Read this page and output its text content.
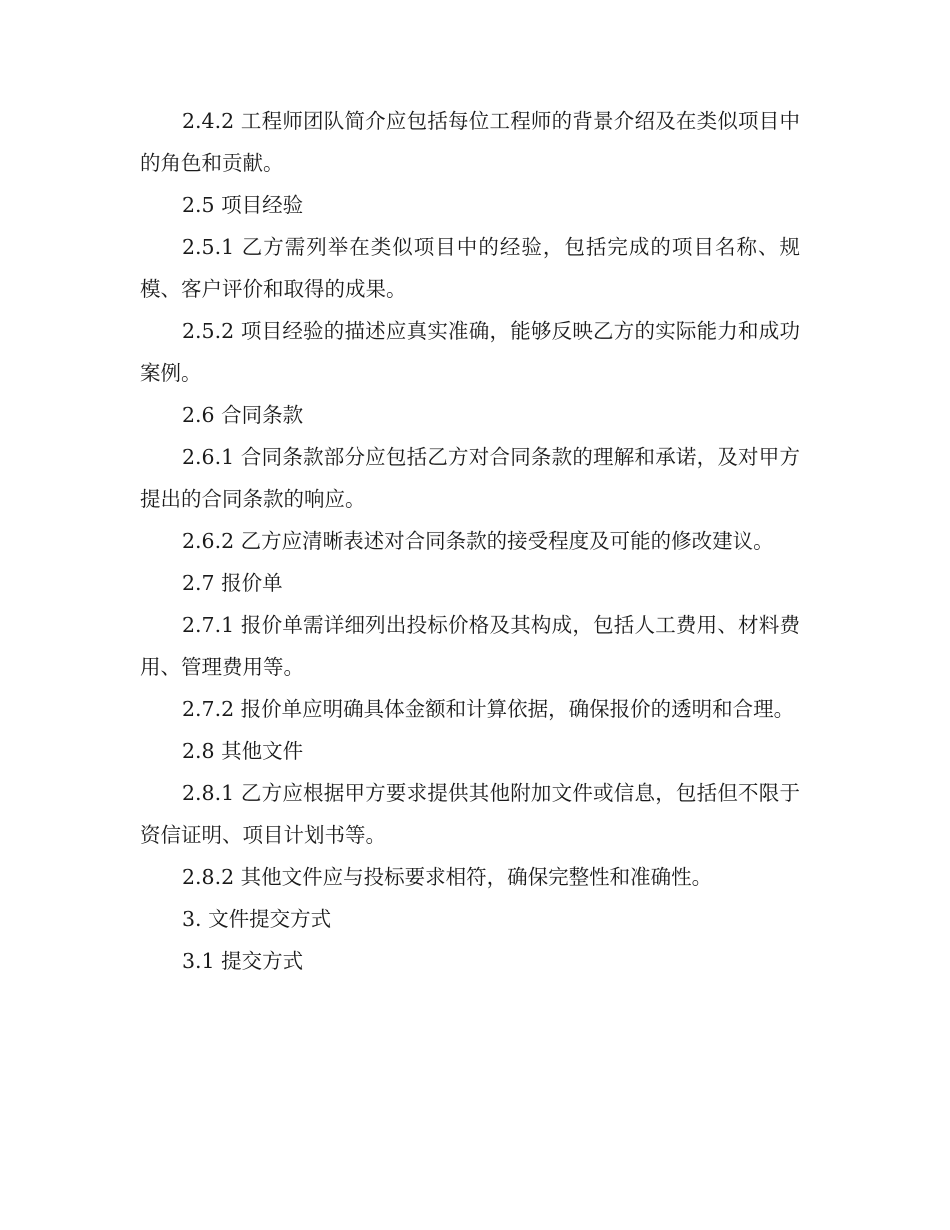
2.4.2 工程师团队简介应包括每位工程师的背景介绍及在类似项目中的角色和贡献。

2.5 项目经验

2.5.1 乙方需列举在类似项目中的经验，包括完成的项目名称、规模、客户评价和取得的成果。

2.5.2 项目经验的描述应真实准确，能够反映乙方的实际能力和成功案例。

2.6 合同条款

2.6.1 合同条款部分应包括乙方对合同条款的理解和承诺，及对甲方提出的合同条款的响应。

2.6.2 乙方应清晰表述对合同条款的接受程度及可能的修改建议。

2.7 报价单

2.7.1 报价单需详细列出投标价格及其构成，包括人工费用、材料费用、管理费用等。

2.7.2 报价单应明确具体金额和计算依据，确保报价的透明和合理。

2.8 其他文件

2.8.1 乙方应根据甲方要求提供其他附加文件或信息，包括但不限于资信证明、项目计划书等。

2.8.2 其他文件应与投标要求相符，确保完整性和准确性。

3. 文件提交方式

3.1 提交方式
